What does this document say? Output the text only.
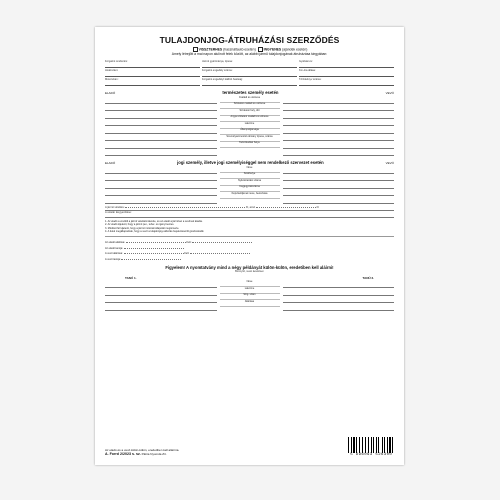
TULAJDONJOG-ÁTRUHÁZÁSI SZERZŐDÉS
VISSZTERHES (használtautó esetén) INGYENES (ajándék esetén)
Amely létrejött a mai napon alulírott felek között, az alábbi jármű tulajdonjogának átruházása tárgyában:
Forgalmi rendszám:	Jármű gyártmánya, típusa:	Gyártási év:
Alvázszám:	Forgalmi engedély száma:	Km-óra állása:
Motorszám:	Forgalmi engedélyt kiállító hatóság:	Törzskönyv száma:
ELADÓ	természetes személy esetén	VEVŐ
Családi és utóneve
Születési családi és utóneve
Születési hely, idő
Anyja születési családi és utóneve
Lakcíme
Állampolgársága
Személyazonosító okmány típusa, száma
Tartózkodási helye
ELADÓ	jogi személy, illetve jogi személyiséggel nem rendelkező szervezet esetén	VEVŐ
Neve
Székhelye
Nyilvántartási száma
Cégjegyzékszáma
Képviselőjének neve, beosztása
A jármű vételára:	Ft, azaz	Ft
A vételár kiegyenlítése:
1. Az eladó a vevőtől a jármű vételárát átvette, és az eladó a járművet a vevőnek átadta.
2. Az eladó kijelenti, hogy a jármű per-, teher- és igénymentes.
3. Mindkét fél kijelenti, hogy a jármű műszaki állapotát megismerte.
4. A felek megállapodnak, hogy a vevő a tulajdonjog-változás bejelentéséről gondoskodik.
Az eladó aláírása:	Kelt:
Az eladó tanúja:
A vevő aláírása:	Kelt:
A vevő tanúja:
Figyelem! A nyomtatvány mind a négy példányát külön-külön, eredetiben kell aláírni!
Bizonyító, nevét kerekítsen
TANÚ 1.	TANÚ 2.
Neve
Lakcíme
Szig. szám
Aláírása
Az eladó és a vevő külön-külön, eredetiben kell aláírnia.
A. Forrd 2/2023 s. sz. Pátria Nyomda Zrt.	5 996093 526300
